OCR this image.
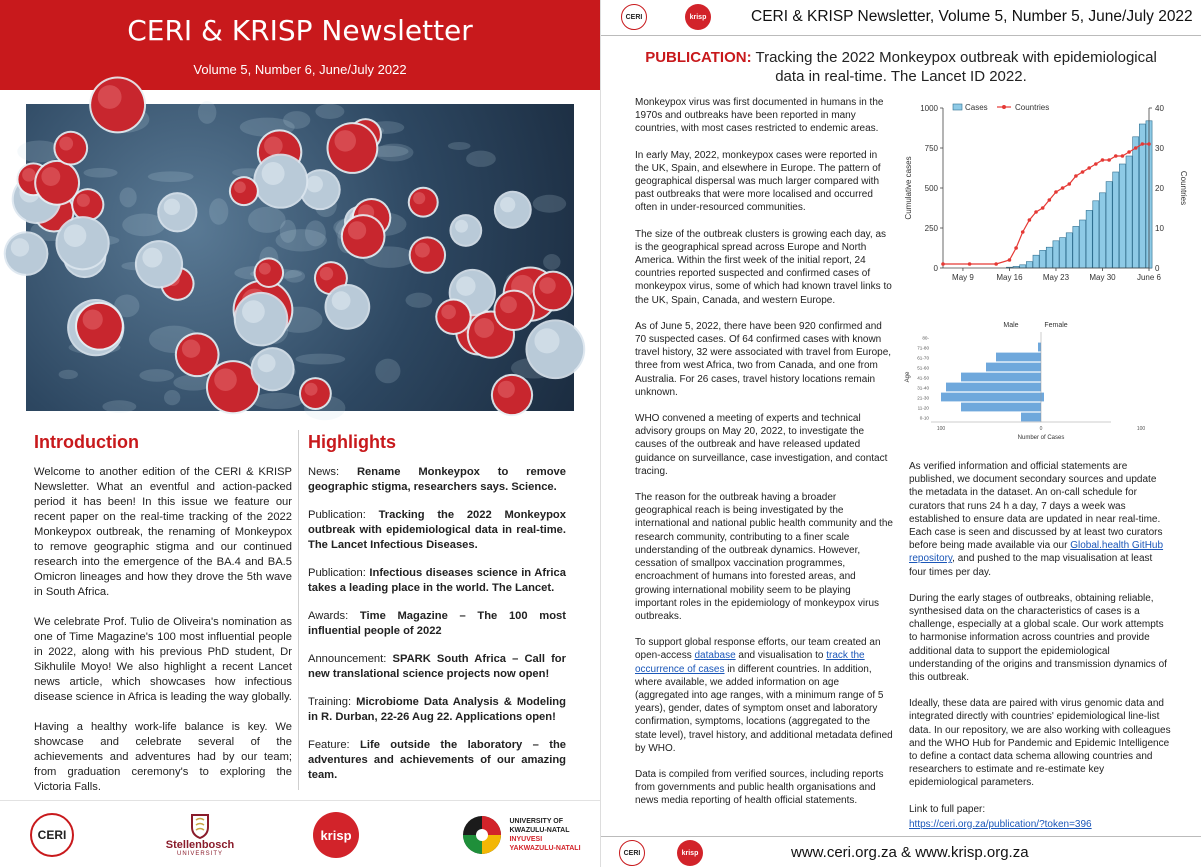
CERI & KRISP Newsletter
Volume 5, Number 6, June/July 2022
Introduction

Welcome to another edition of the CERI & KRISP Newsletter. What an eventful and action-packed period it has been! In this issue we feature our recent paper on the real-time tracking of the 2022 Monkeypox outbreak, the renaming of Monkeypox to remove geographic stigma and our continued research into the emergence of the BA.4 and BA.5 Omicron lineages and how they drove the 5th wave in South Africa.

We celebrate Prof. Tulio de Oliveira's nomination as one of Time Magazine's 100 most influential people in 2022, along with his previous PhD student, Dr Sikhulile Moyo! We also highlight a recent Lancet news article, which showcases how infectious disease science in Africa is leading the way globally.

Having a healthy work-life balance is key. We showcase and celebrate several of the achievements and adventures had by our team; from graduation ceremony's to exploring the Victoria Falls.

Highlights

News: Rename Monkeypox to remove geographic stigma, researchers says. Science.

Publication: Tracking the 2022 Monkeypox outbreak with epidemiological data in real-time. The Lancet Infectious Diseases.

Publication: Infectious diseases science in Africa takes a leading place in the world. The Lancet.

Awards: Time Magazine – The 100 most influential people of 2022

Announcement: SPARK South Africa – Call for new translational science projects now open!

Training: Microbiome Data Analysis & Modeling in R. Durban, 22-26 Aug 22. Applications open!

Feature: Life outside the laboratory – the adventures and achievements of our amazing team.

CERI
Stellenbosch
UNIVERSITY
krisp
UNIVERSITY OF
KWAZULU-NATAL
INYUVESI
YAKWAZULU-NATALI
CERI	krisp	CERI & KRISP Newsletter, Volume 5, Number 5, June/July 2022
PUBLICATION: Tracking the 2022 Monkeypox outbreak with epidemiological data in real-time. The Lancet ID 2022.

Monkeypox virus was first documented in humans in the 1970s and outbreaks have been reported in many countries, with most cases restricted to endemic areas.

In early May, 2022, monkeypox cases were reported in the UK, Spain, and elsewhere in Europe. The pattern of geographical dispersal was much larger compared with past outbreaks that were more localised and occurred often in under-resourced communities.

The size of the outbreak clusters is growing each day, as is the geographical spread across Europe and North America. Within the first week of the initial report, 24 countries reported suspected and confirmed cases of monkeypox virus, some of which had known travel links to the UK, Spain, Canada, and western Europe.

As of June 5, 2022, there have been 920 confirmed and 70 suspected cases. Of 64 confirmed cases with known travel history, 32 were associated with travel from Europe, three from west Africa, two from Canada, and one from Australia. For 26 cases, travel history locations remain unknown.

WHO convened a meeting of experts and technical advisory groups on May 20, 2022, to investigate the causes of the outbreak and have released updated guidance on surveillance, case investigation, and contact tracing.

The reason for the outbreak having a broader geographical reach is being investigated by the international and national public health community and the research community, contributing to a finer scale understanding of the outbreak dynamics. However, cessation of smallpox vaccination programmes, encroachment of humans into forested areas, and growing international mobility seem to be playing important roles in the epidemiology of monkeypox virus outbreaks.

To support global response efforts, our team created an open-access database and visualisation to track the occurrence of cases in different countries. In addition, where available, we added information on age (aggregated into age ranges, with a minimum range of 5 years), gender, dates of symptom onset and laboratory confirmation, symptoms, locations (aggregated to the state level), travel history, and additional metadata defined by WHO.

Data is compiled from verified sources, including reports from governments and public health organisations and news media reporting of health official statements.

0
250
500
750
1000
0
10
20
30
40
May 9	May 16	May 23	May 30	June 6
Cumulative cases	Countries
Cases	Countries
Male	Female
80-
71-80
61-70
51-60
41-50
31-40
21-30
11-20
0-10
100	0	100
Number of Cases
Age

As verified information and official statements are published, we document secondary sources and update the metadata in the dataset. An on-call schedule for curators that runs 24 h a day, 7 days a week was established to ensure data are updated in near real-time. Each case is seen and discussed by at least two curators before being made available via our Global.health GitHub repository, and pushed to the map visualisation at least four times per day.

During the early stages of outbreaks, obtaining reliable, synthesised data on the characteristics of cases is a challenge, especially at a global scale. Our work attempts to harmonise information across countries and provide additional data to support the epidemiological understanding of the origins and transmission dynamics of this outbreak.

Ideally, these data are paired with virus genomic data and integrated directly with countries' epidemiological line-list data. In our repository, we are also working with colleagues and the WHO Hub for Pandemic and Epidemic Intelligence to define a contact data schema allowing countries and researchers to estimate and re-estimate key epidemiological parameters.

Link to full paper:

https://ceri.org.za/publication/?token=396

CERI	krisp	www.ceri.org.za & www.krisp.org.za
